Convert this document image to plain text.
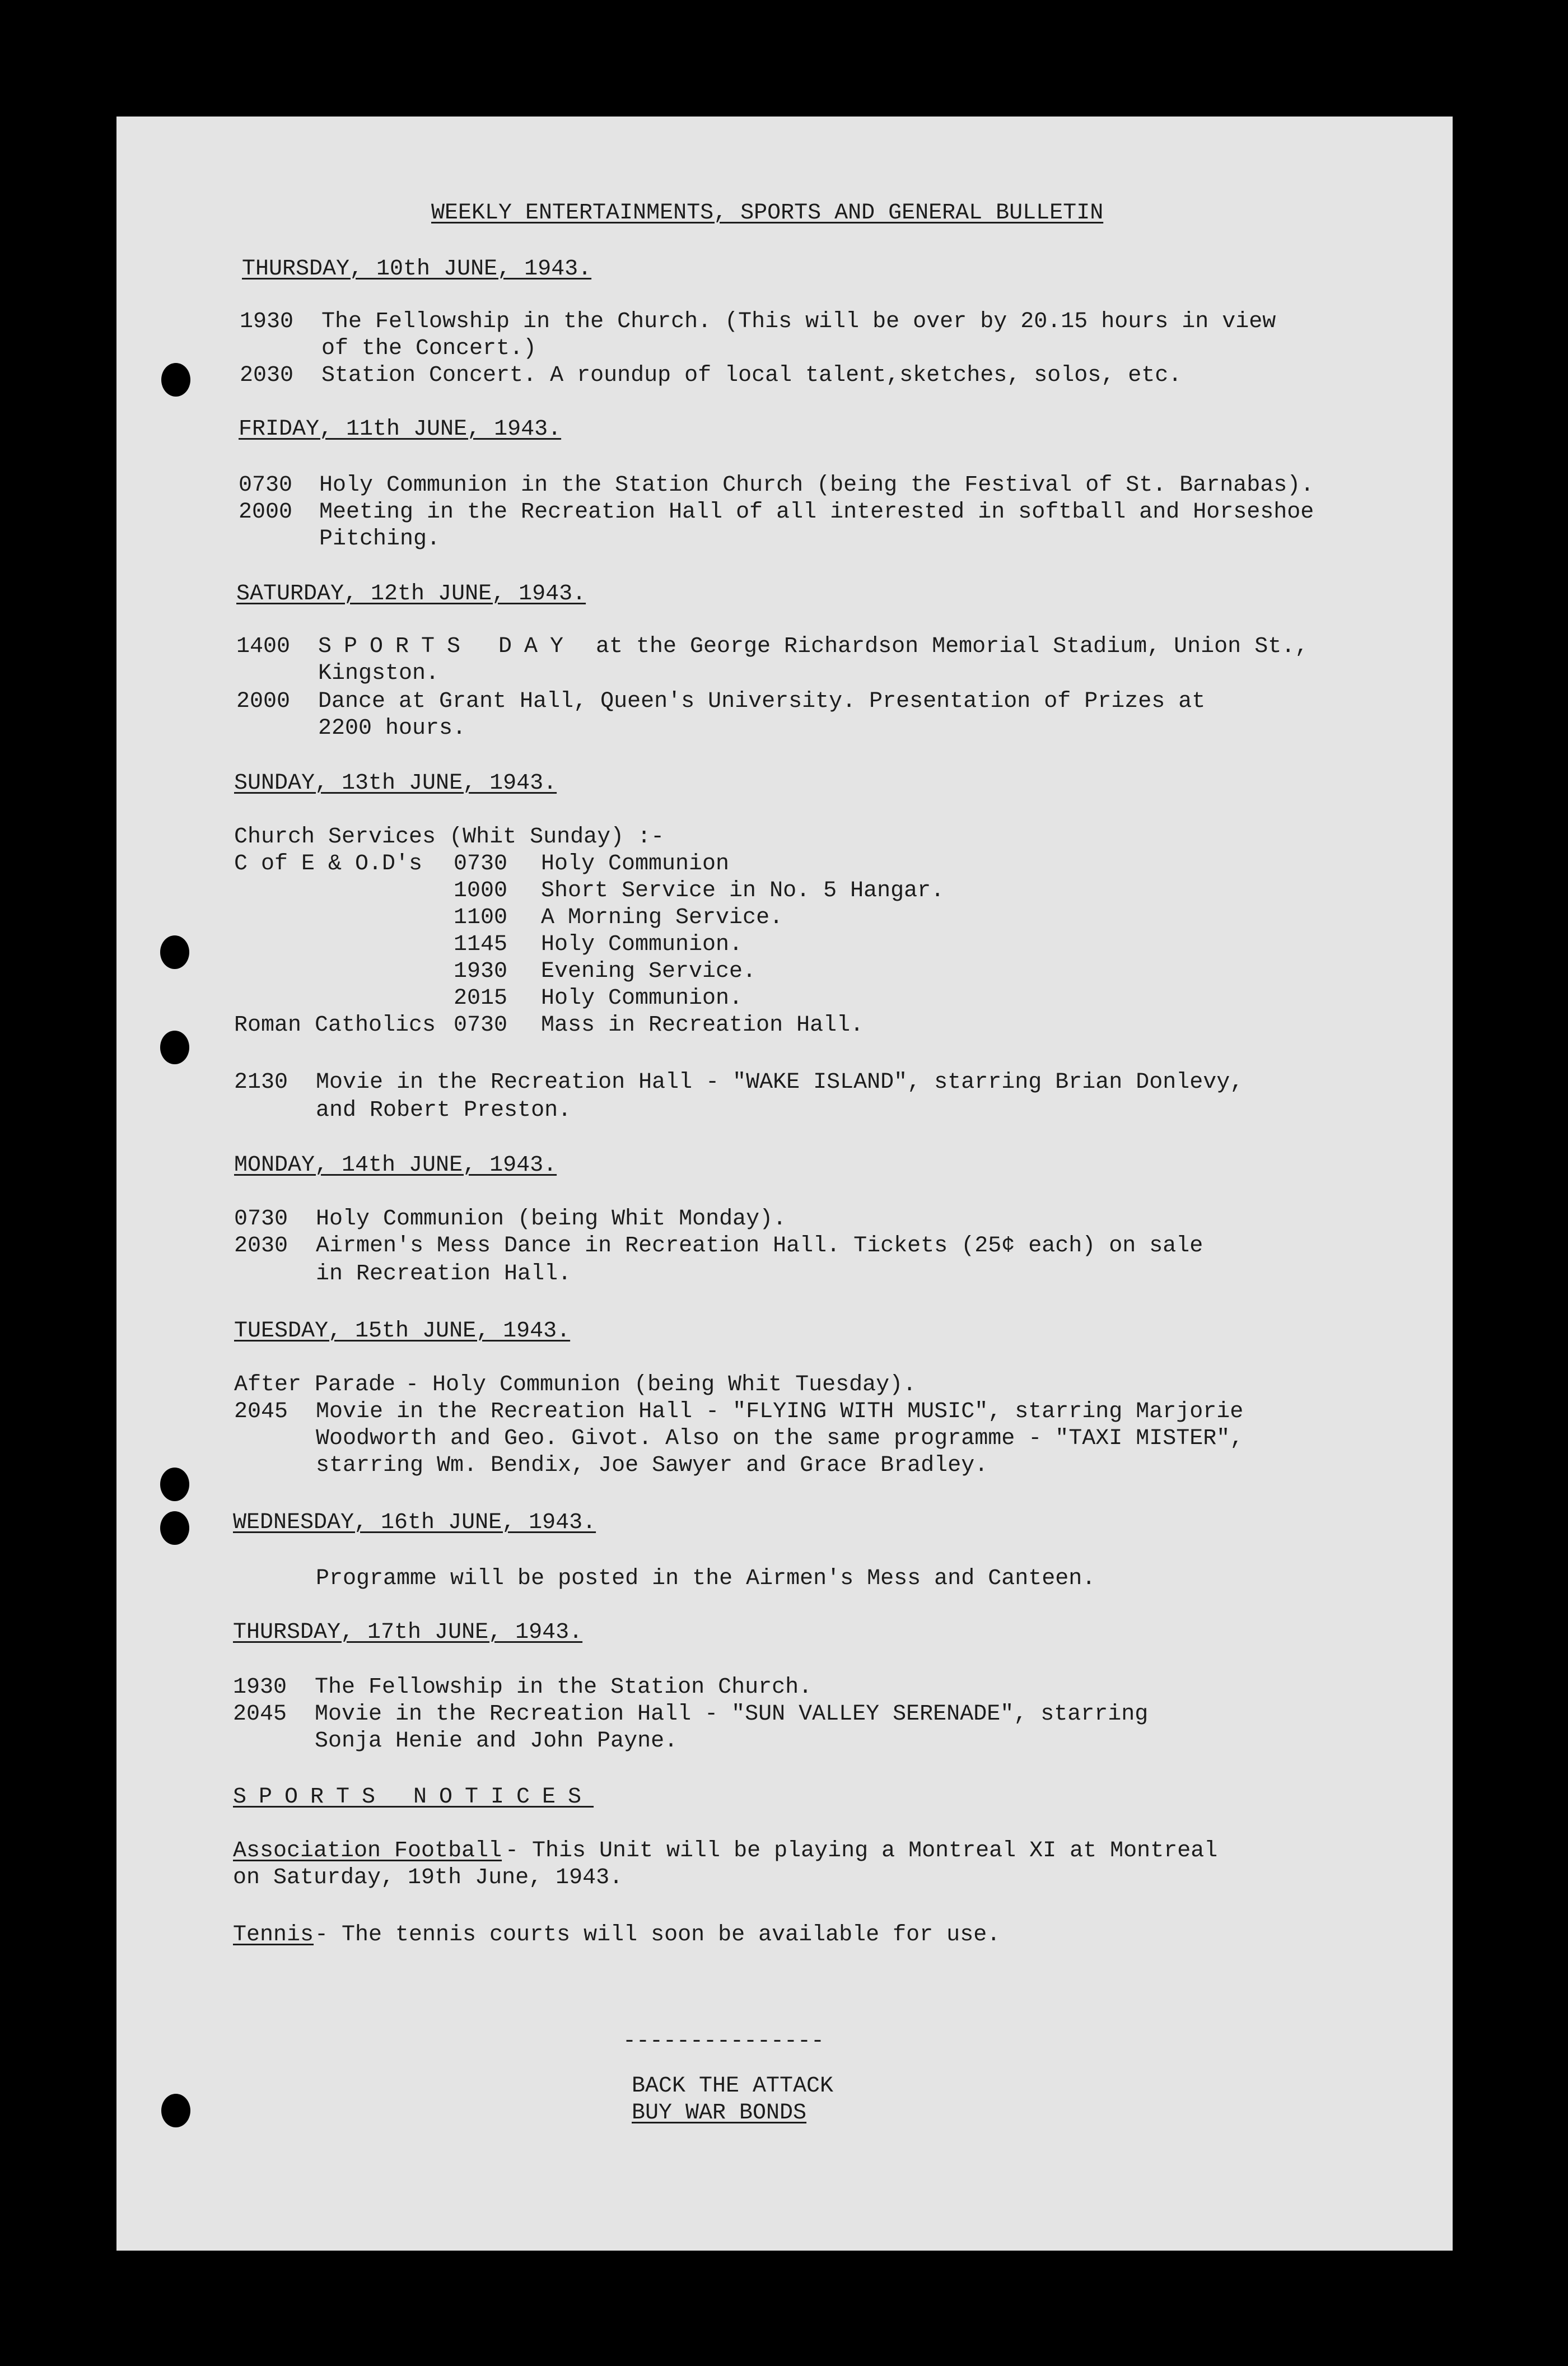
WEEKLY ENTERTAINMENTS, SPORTS AND GENERAL BULLETIN

THURSDAY, 10th JUNE, 1943.

1930 The Fellowship in the Church. (This will be over by 20.15 hours in view

of the Concert.)

2030 Station Concert. A roundup of local talent,sketches, solos, etc.

FRIDAY, 11th JUNE, 1943.

0730 Holy Communion in the Station Church (being the Festival of St. Barnabas).

2000 Meeting in the Recreation Hall of all interested in softball and Horseshoe

Pitching.

SATURDAY, 12th JUNE, 1943.

1400 SPORTS DAY at the George Richardson Memorial Stadium, Union St.,

Kingston.

2000 Dance at Grant Hall, Queen's University. Presentation of Prizes at

2200 hours.

SUNDAY, 13th JUNE, 1943.

Church Services (Whit Sunday) :-

C of E & O.D's 0730 Holy Communion

1000 Short Service in No. 5 Hangar.

1100 A Morning Service.

1145 Holy Communion.

1930 Evening Service.

2015 Holy Communion.

Roman Catholics 0730 Mass in Recreation Hall.

2130 Movie in the Recreation Hall - "WAKE ISLAND", starring Brian Donlevy,

and Robert Preston.

MONDAY, 14th JUNE, 1943.

0730 Holy Communion (being Whit Monday).

2030 Airmen's Mess Dance in Recreation Hall. Tickets (25¢ each) on sale

in Recreation Hall.

TUESDAY, 15th JUNE, 1943.

After Parade - Holy Communion (being Whit Tuesday).

2045 Movie in the Recreation Hall - "FLYING WITH MUSIC", starring Marjorie

Woodworth and Geo. Givot. Also on the same programme - "TAXI MISTER",

starring Wm. Bendix, Joe Sawyer and Grace Bradley.

WEDNESDAY, 16th JUNE, 1943.

Programme will be posted in the Airmen's Mess and Canteen.

THURSDAY, 17th JUNE, 1943.

1930 The Fellowship in the Station Church.

2045 Movie in the Recreation Hall - "SUN VALLEY SERENADE", starring

Sonja Henie and John Payne.

SPORTS NOTICES

Association Football - This Unit will be playing a Montreal XI at Montreal

on Saturday, 19th June, 1943.

Tennis - The tennis courts will soon be available for use.

---------------

BACK THE ATTACK

BUY WAR BONDS
